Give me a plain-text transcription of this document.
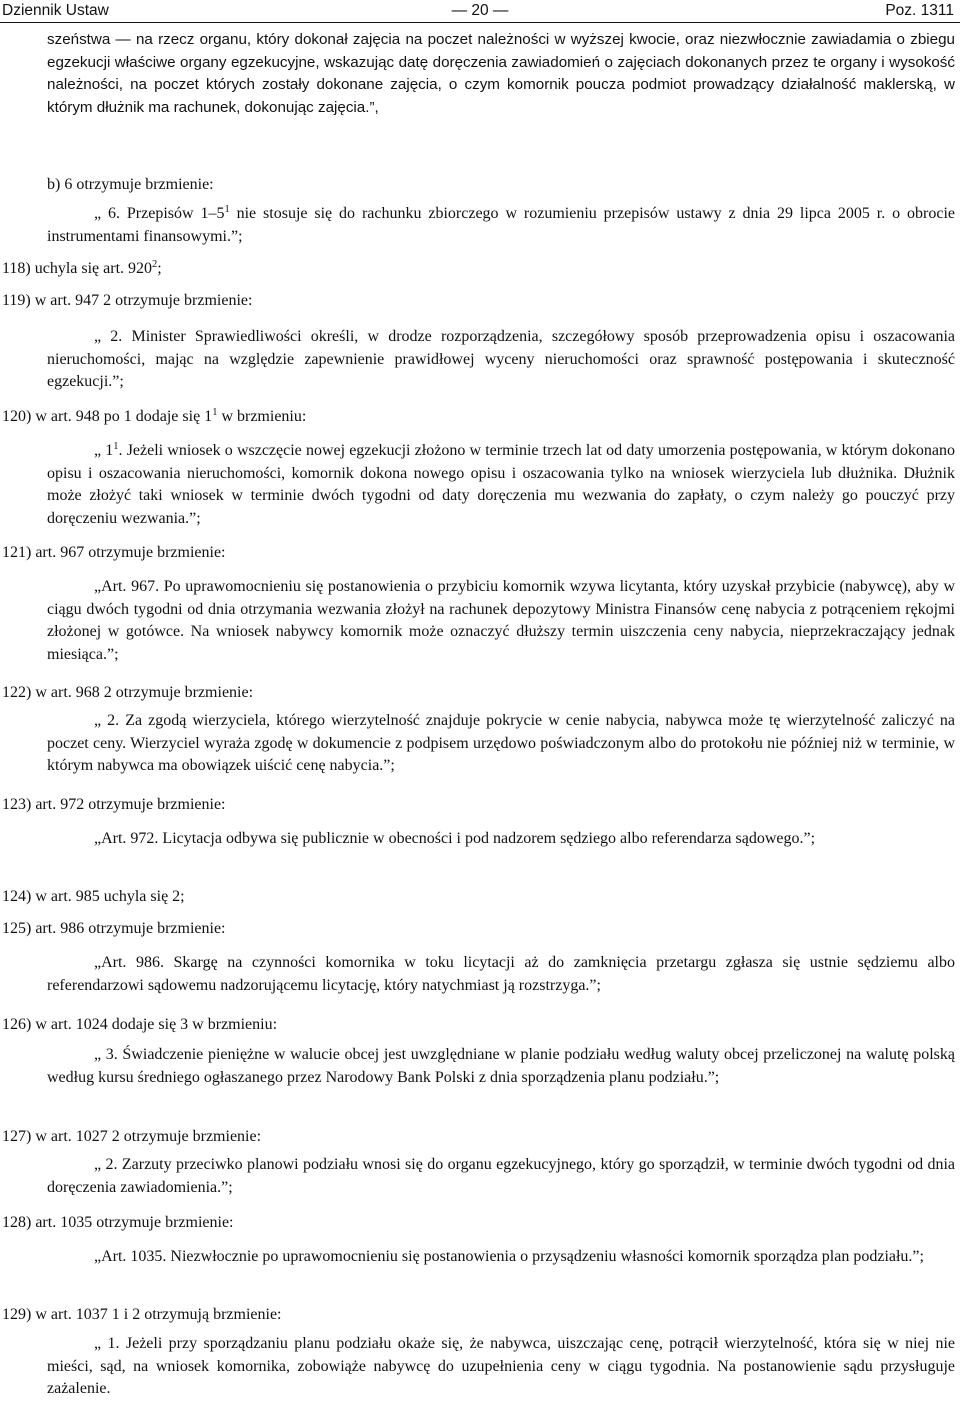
Dziennik Ustaw	— 20 —	Poz. 1311

szeństwa — na rzecz organu, który dokonał zajęcia na poczet należności w wyższej kwocie, oraz niezwłocznie zawiadamia o zbiegu egzekucji właściwe organy egzekucyjne, wskazując datę doręczenia zawiadomień o zajęciach dokonanych przez te organy i wysokość należności, na poczet których zostały dokonane zajęcia, o czym komornik poucza podmiot prowadzący działalność maklerską, w którym dłużnik ma rachunek, dokonując zajęcia.”,

b) 6 otrzymuje brzmienie:

„ 6. Przepisów $1-5^1$ nie stosuje się do rachunku zbiorczego w rozumieniu przepisów ustawy z dnia 29 lipca 2005 r. o obrocie instrumentami finansowymi.”;

118) uchyla się art. $920^2$;

119) w art. 947 2 otrzymuje brzmienie:

„ 2. Minister Sprawiedliwości określi, w drodze rozporządzenia, szczegółowy sposób przeprowadzenia opisu i oszacowania nieruchomości, mając na względzie zapewnienie prawidłowej wyceny nieruchomości oraz sprawność postępowania i skuteczność egzekucji.”;

120) w art. 948 po 1 dodaje się $1^1$ w brzmieniu:

„ $1^1$. Jeżeli wniosek o wszczęcie nowej egzekucji złożono w terminie trzech lat od daty umorzenia postępowania, w którym dokonano opisu i oszacowania nieruchomości, komornik dokona nowego opisu i oszacowania tylko na wniosek wierzyciela lub dłużnika. Dłużnik może złożyć taki wniosek w terminie dwóch tygodni od daty doręczenia mu wezwania do zapłaty, o czym należy go pouczyć przy doręczeniu wezwania.”;

121) art. 967 otrzymuje brzmienie:

„Art. 967. Po uprawomocnieniu się postanowienia o przybiciu komornik wzywa licytanta, który uzyskał przybicie (nabywcę), aby w ciągu dwóch tygodni od dnia otrzymania wezwania złożył na rachunek depozytowy Ministra Finansów cenę nabycia z potrąceniem rękojmi złożonej w gotówce. Na wniosek nabywcy komornik może oznaczyć dłuższy termin uiszczenia ceny nabycia, nieprzekraczający jednak miesiąca.”;

122) w art. 968 2 otrzymuje brzmienie:

„ 2. Za zgodą wierzyciela, którego wierzytelność znajduje pokrycie w cenie nabycia, nabywca może tę wierzytelność zaliczyć na poczet ceny. Wierzyciel wyraża zgodę w dokumencie z podpisem urzędowo poświadczonym albo do protokołu nie później niż w terminie, w którym nabywca ma obowiązek uiścić cenę nabycia.”;

123) art. 972 otrzymuje brzmienie:

„Art. 972. Licytacja odbywa się publicznie w obecności i pod nadzorem sędziego albo referendarza sądowego.”;

124) w art. 985 uchyla się 2;

125) art. 986 otrzymuje brzmienie:

„Art. 986. Skargę na czynności komornika w toku licytacji aż do zamknięcia przetargu zgłasza się ustnie sędziemu albo referendarzowi sądowemu nadzorującemu licytację, który natychmiast ją rozstrzyga.”;

126) w art. 1024 dodaje się 3 w brzmieniu:

„ 3. Świadczenie pieniężne w walucie obcej jest uwzględniane w planie podziału według waluty obcej przeliczonej na walutę polską według kursu średniego ogłaszanego przez Narodowy Bank Polski z dnia sporządzenia planu podziału.”;

127) w art. 1027 2 otrzymuje brzmienie:

„ 2. Zarzuty przeciwko planowi podziału wnosi się do organu egzekucyjnego, który go sporządził, w terminie dwóch tygodni od dnia doręczenia zawiadomienia.”;

128) art. 1035 otrzymuje brzmienie:

„Art. 1035. Niezwłocznie po uprawomocnieniu się postanowienia o przysądzeniu własności komornik sporządza plan podziału.”;

129) w art. 1037 1 i 2 otrzymują brzmienie:

„ 1. Jeżeli przy sporządzaniu planu podziału okaże się, że nabywca, uiszczając cenę, potrącił wierzytelność, która się w niej nie mieści, sąd, na wniosek komornika, zobowiąże nabywcę do uzupełnienia ceny w ciągu tygodnia. Na postanowienie sądu przysługuje zażalenie.
